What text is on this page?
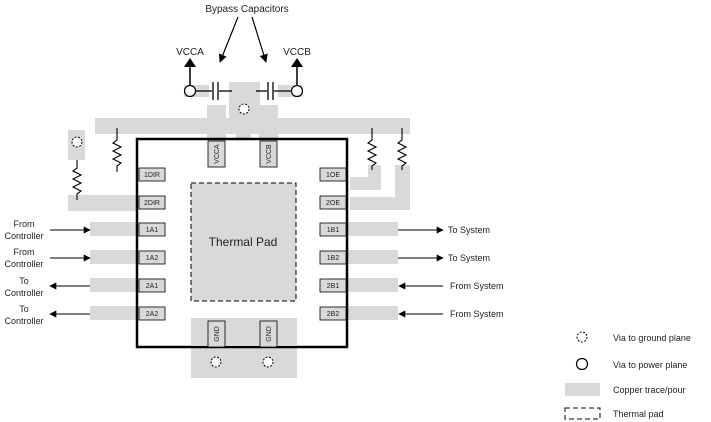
Thermal Pad
VCCA	VCCB
1DIR
2DIR
1A1
1A2
2A1
2A2
1OE
2OE
1B1
1B2
2B1
2B2
GND	GND
VCCA	VCCB
Bypass Capacitors
From
Controller
From
Controller
To
Controller
To
Controller
To System
To System
From System
From System
Via to ground plane
Via to power plane
Copper trace/pour
Thermal pad
